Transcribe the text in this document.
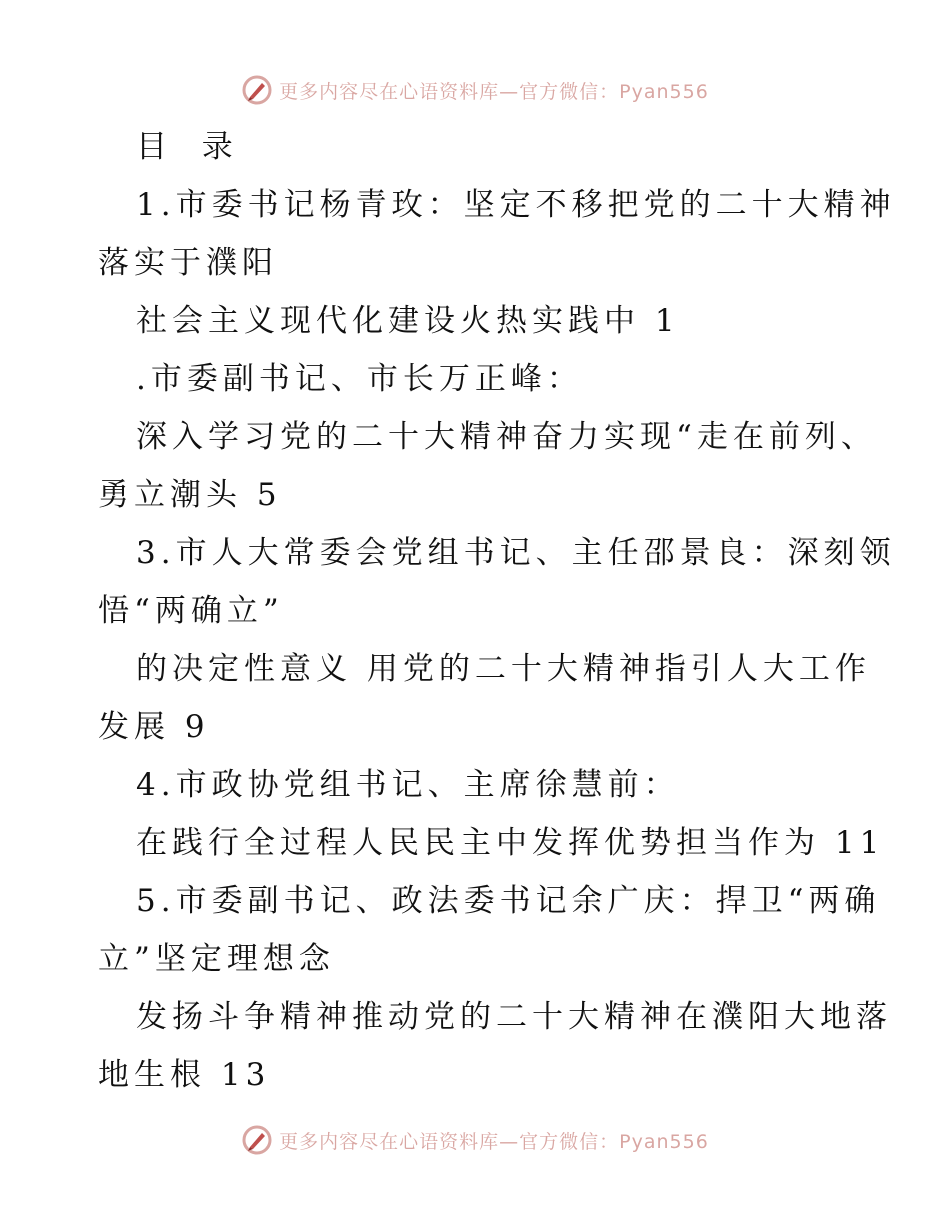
更多内容尽在心语资料库—官方微信：Pyan556
目  录
1.市委书记杨青玫：坚定不移把党的二十大精神
落实于濮阳
社会主义现代化建设火热实践中 1
.市委副书记、市长万正峰：
深入学习党的二十大精神奋力实现“走在前列、
勇立潮头 5
3.市人大常委会党组书记、主任邵景良：深刻领
悟“两确立”
的决定性意义 用党的二十大精神指引人大工作
发展 9
4.市政协党组书记、主席徐慧前：
在践行全过程人民民主中发挥优势担当作为 11
5.市委副书记、政法委书记余广庆：捍卫“两确
立”坚定理想念
发扬斗争精神推动党的二十大精神在濮阳大地落
地生根 13
更多内容尽在心语资料库—官方微信：Pyan556
